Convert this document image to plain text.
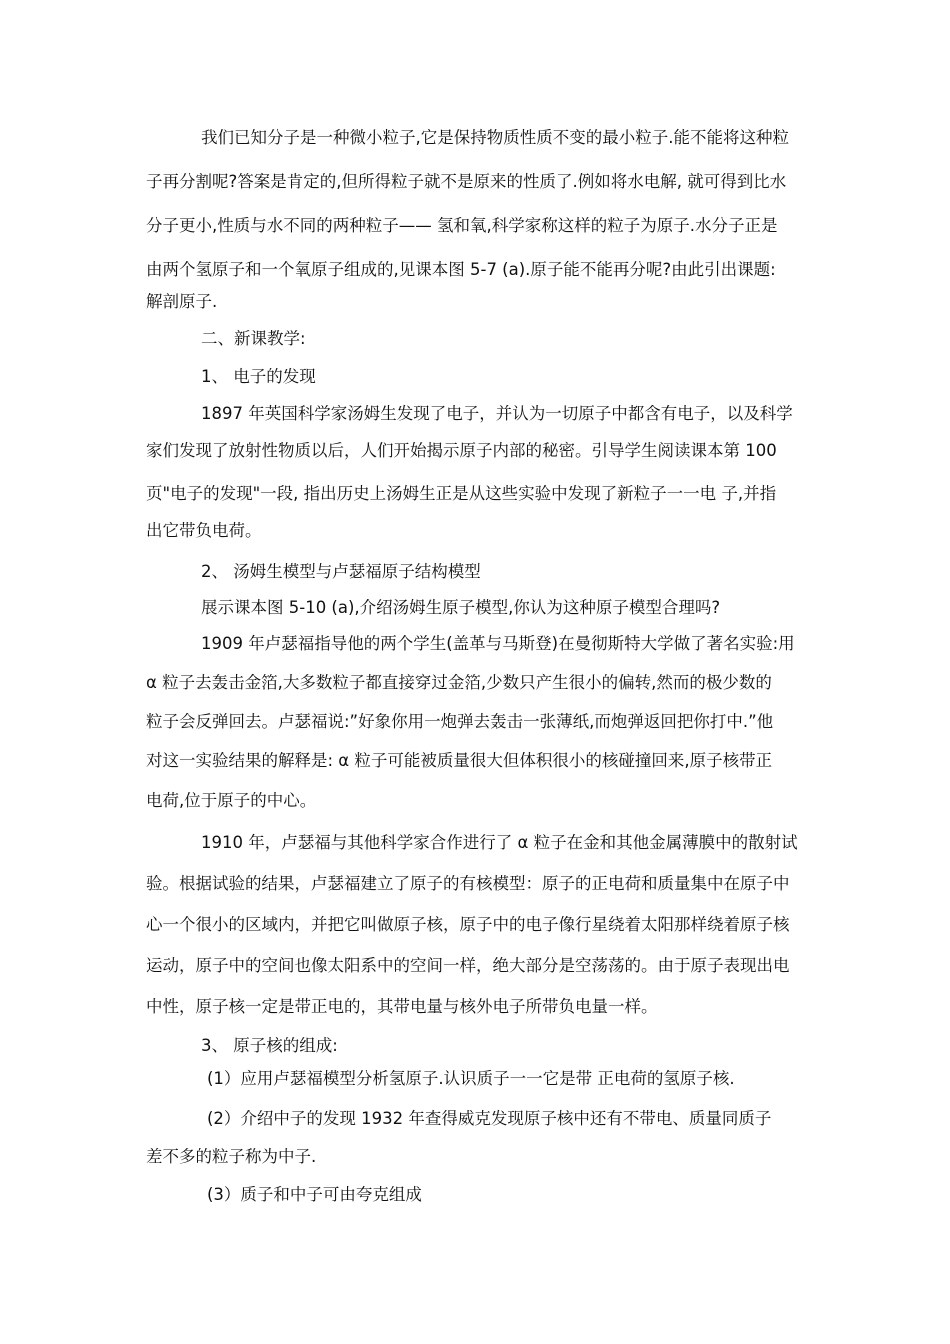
我们已知分子是一种微小粒子,它是保持物质性质不变的最小粒子.能不能将这种粒

子再分割呢?答案是肯定的,但所得粒子就不是原来的性质了.例如将水电解, 就可得到比水

分子更小,性质与水不同的两种粒子—— 氢和氧,科学家称这样的粒子为原子.水分子正是

由两个氢原子和一个氧原子组成的,见课本图 5-7 (a).原子能不能再分呢?由此引出课题:

解剖原子.

二、新课教学:

1、 电子的发现

1897 年英国科学家汤姆生发现了电子，并认为一切原子中都含有电子，以及科学

家们发现了放射性物质以后，人们开始揭示原子内部的秘密。引导学生阅读课本第 100

页"电子的发现"一段, 指出历史上汤姆生正是从这些实验中发现了新粒子一一电 子,并指

出它带负电荷。

2、 汤姆生模型与卢瑟福原子结构模型

展示课本图 5-10 (a),介绍汤姆生原子模型,你认为这种原子模型合理吗?

1909 年卢瑟福指导他的两个学生(盖革与马斯登)在曼彻斯特大学做了著名实验:用

α 粒子去轰击金箔,大多数粒子都直接穿过金箔,少数只产生很小的偏转,然而的极少数的

粒子会反弹回去。卢瑟福说:”好象你用一炮弹去轰击一张薄纸,而炮弹返回把你打中.”他

对这一实验结果的解释是: α 粒子可能被质量很大但体积很小的核碰撞回来,原子核带正

电荷,位于原子的中心。

1910 年，卢瑟福与其他科学家合作进行了 α 粒子在金和其他金属薄膜中的散射试

验。根据试验的结果，卢瑟福建立了原子的有核模型：原子的正电荷和质量集中在原子中

心一个很小的区域内，并把它叫做原子核，原子中的电子像行星绕着太阳那样绕着原子核

运动，原子中的空间也像太阳系中的空间一样，绝大部分是空荡荡的。由于原子表现出电

中性，原子核一定是带正电的，其带电量与核外电子所带负电量一样。

3、 原子核的组成:

(1）应用卢瑟福模型分析氢原子.认识质子一一它是带 正电荷的氢原子核.

(2）介绍中子的发现 1932 年查得威克发现原子核中还有不带电、质量同质子

差不多的粒子称为中子.

(3）质子和中子可由夸克组成
